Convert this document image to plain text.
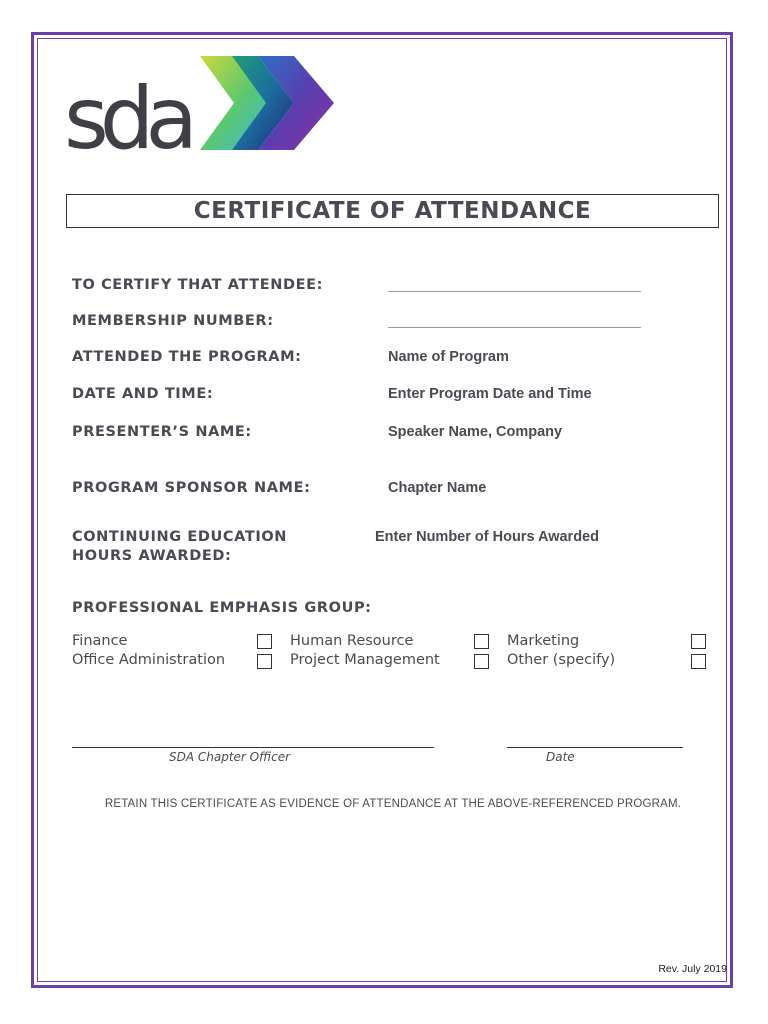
sda
CERTIFICATE OF ATTENDANCE
TO CERTIFY THAT ATTENDEE:
MEMBERSHIP NUMBER:
ATTENDED THE PROGRAM:	Name of Program
DATE AND TIME:	Enter Program Date and Time
PRESENTER’S NAME:	Speaker Name, Company
PROGRAM SPONSOR NAME:	Chapter Name
CONTINUING EDUCATION
HOURS AWARDED:
Enter Number of Hours Awarded
PROFESSIONAL EMPHASIS GROUP:
Finance
Office Administration
Human Resource
Project Management
Marketing
Other (specify)
SDA Chapter Officer	Date
RETAIN THIS CERTIFICATE AS EVIDENCE OF ATTENDANCE AT THE ABOVE-REFERENCED PROGRAM.
Rev. July 2019
